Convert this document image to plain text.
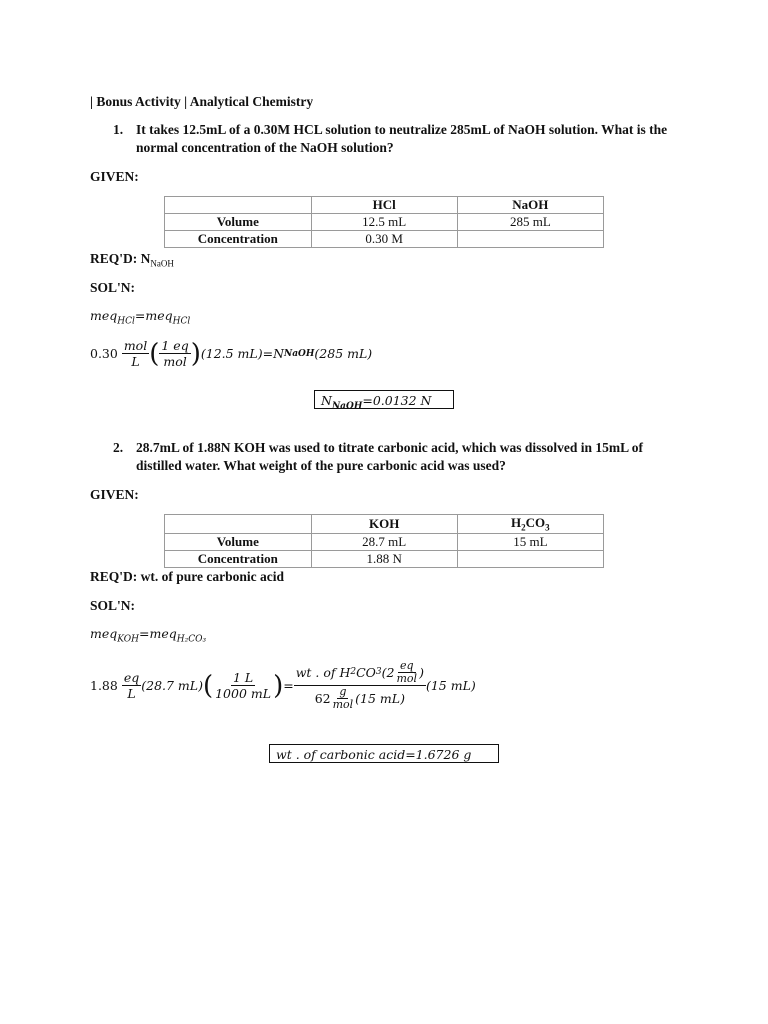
| Bonus Activity | Analytical Chemistry
1. It takes 12.5mL of a 0.30M HCL solution to neutralize 285mL of NaOH solution. What is the
normal concentration of the NaOH solution?
GIVEN:
	HCl	NaOH
Volume	12.5 mL	285 mL
Concentration	0.30 M	
REQ'D: $N_{NaOH}$
SOL'N:
meq$_{HCl}$=meq$_{HCl}$
0.30
$\frac{\text{mol}}{L}$ ( $\frac{1 eq}{\text{mol}}$ ) (12.5 mL) = N NaOH (285 mL)
$N_{NaOH}=0.0132$ N
2. 28.7mL of 1.88N KOH was used to titrate carbonic acid, which was dissolved in 15mL of
distilled water. What weight of the pure carbonic acid was used?
GIVEN:
	KOH	$H_2CO_3$
Volume	28.7 mL	15 mL
Concentration	1.88 N	
REQ'D: wt. of pure carbonic acid
SOL'N:
meq$_{KOH}$=meq$_{H_2CO_3}$
1.88
$\frac{eq}{L} (28.7$ mL) ( $\frac{1 L}{1000 mL}$ ) = $\frac{wt . of H 2 CO 3 (2 \frac{eq}{\text{mol}} )}{62 \frac{g}{\text{mol}} (15 mL)} (15$ mL)
wt . of carbonic acid=1.6726 g
